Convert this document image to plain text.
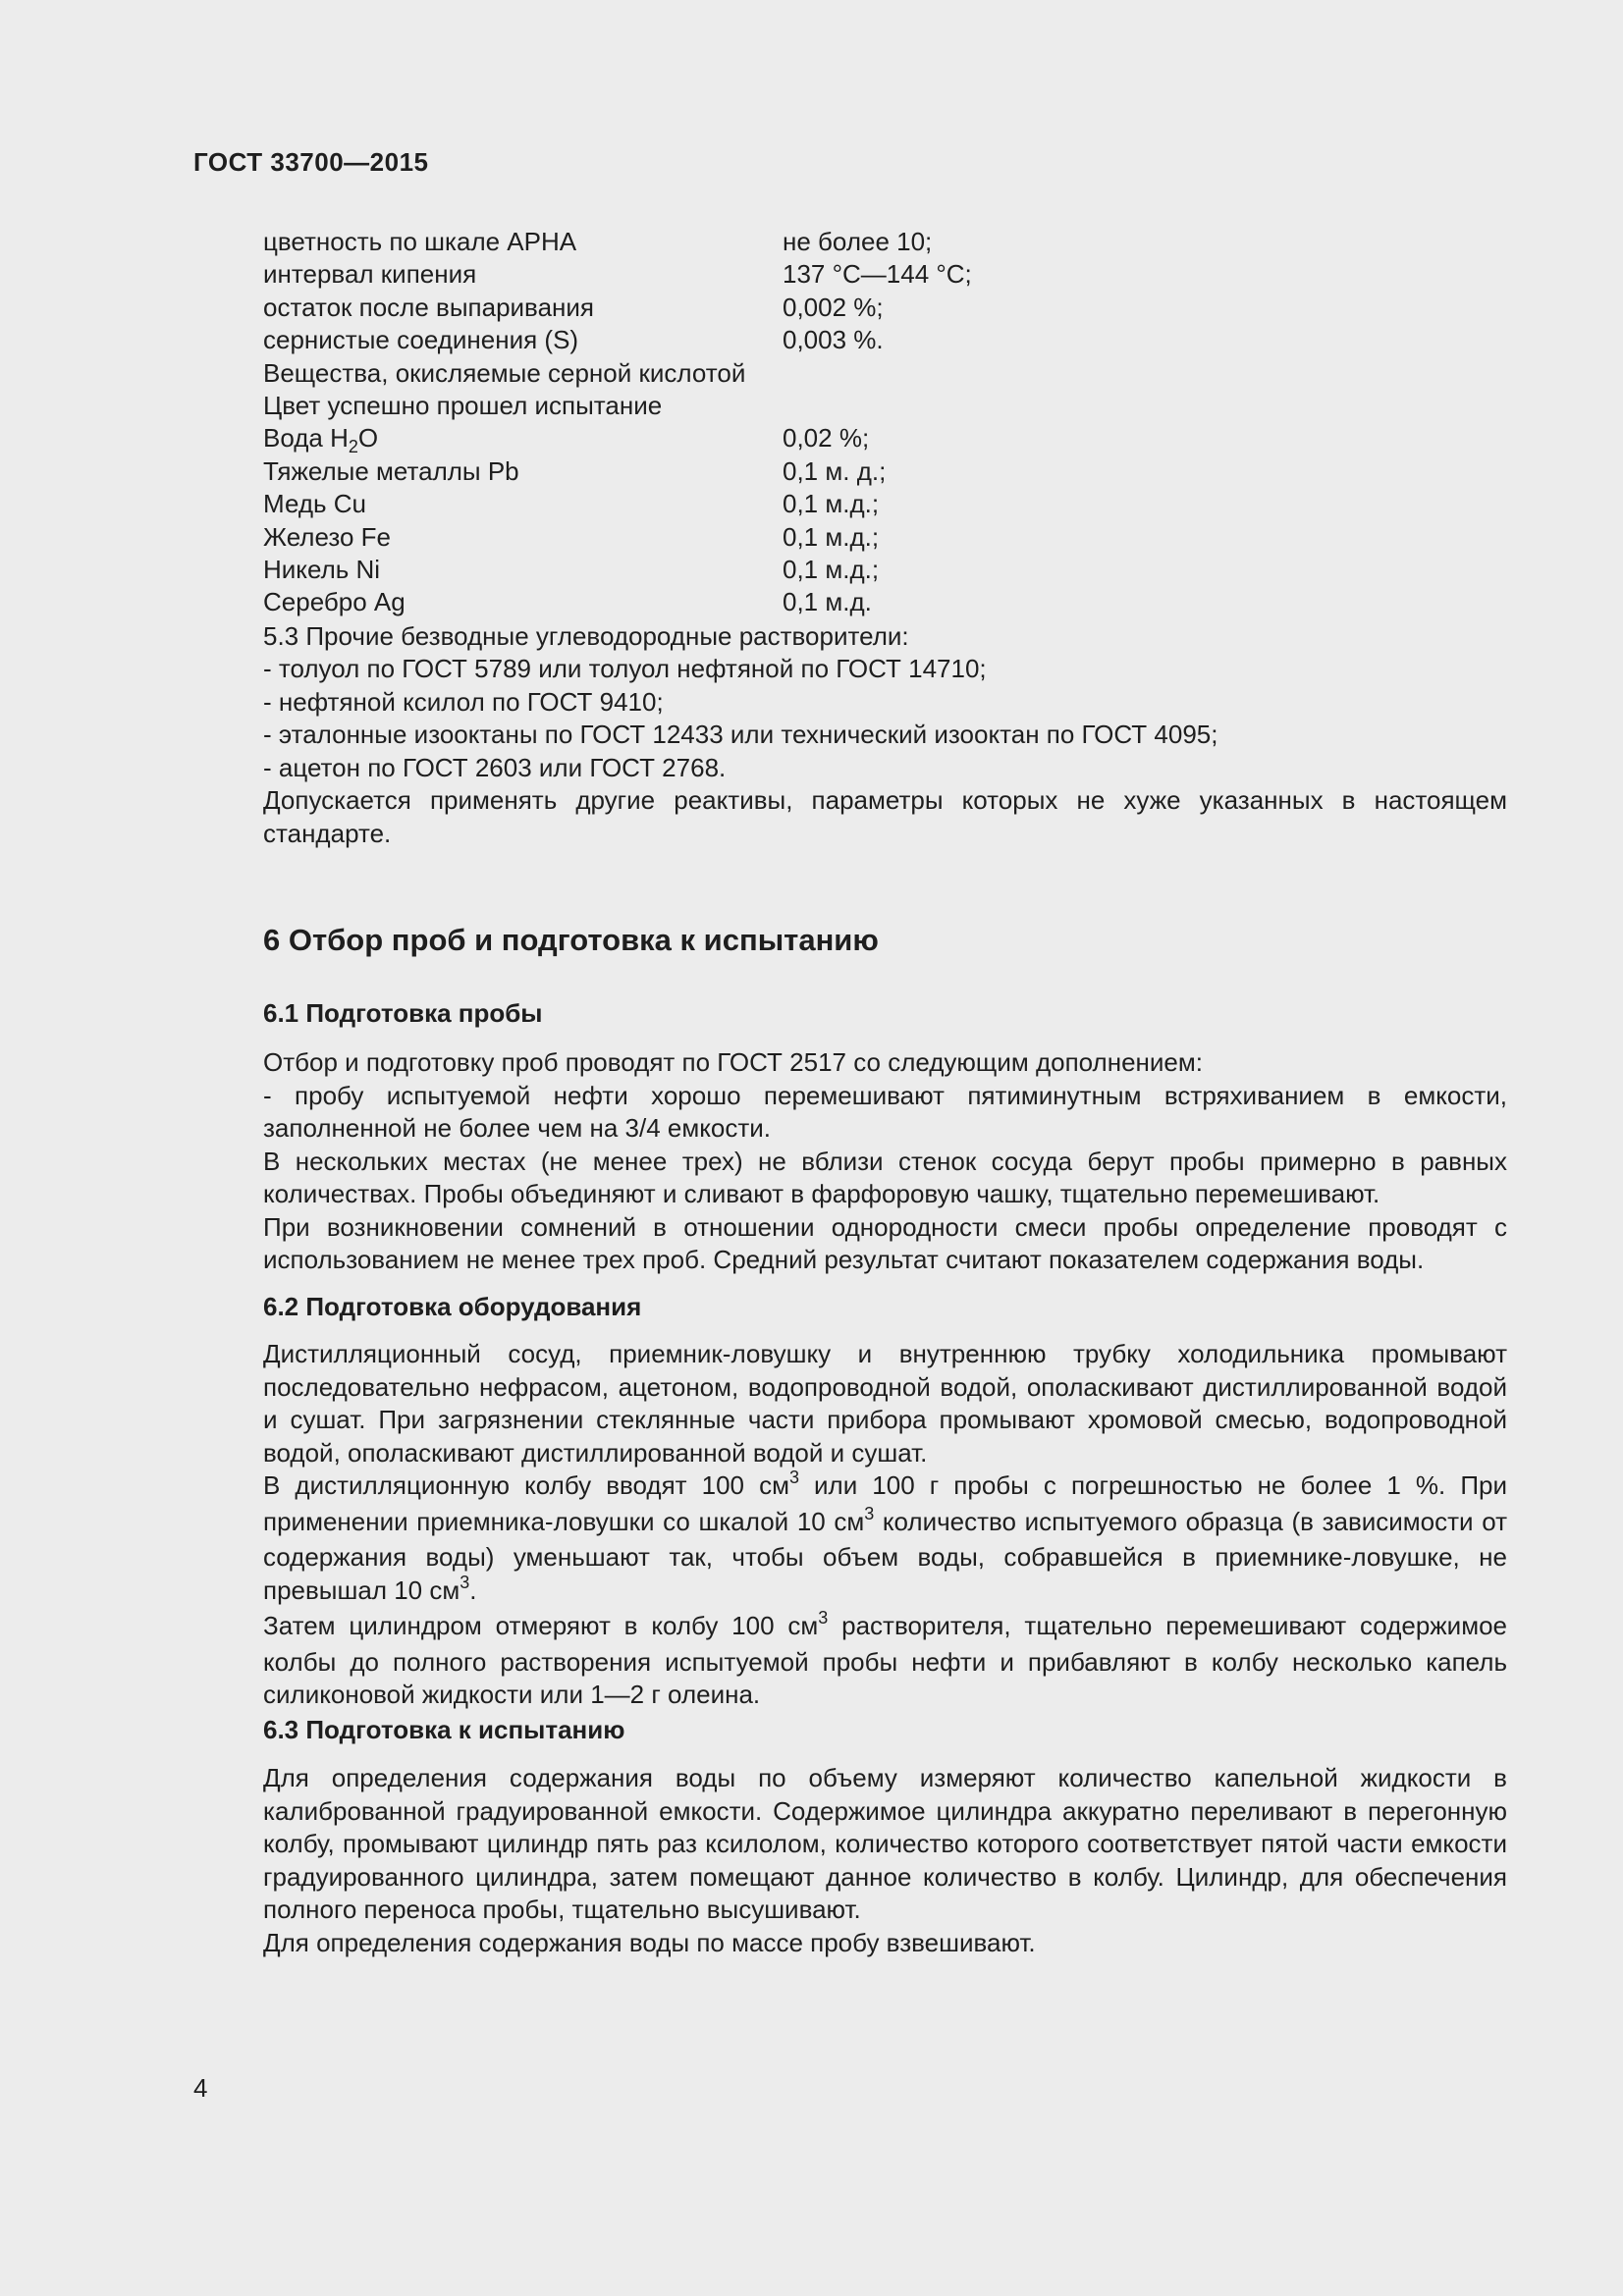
ГОСТ 33700—2015
цветность по шкале APHA	не более 10;
интервал кипения	137 °C—144 °C;
остаток после выпаривания	0,002 %;
сернистые соединения (S)	0,003 %.
Вещества, окисляемые серной кислотой
Цвет успешно прошел испытание
Вода $H_2O$	0,02 %;
Тяжелые металлы Pb	0,1 м. д.;
Медь Cu	0,1 м.д.;
Железо Fe	0,1 м.д.;
Никель Ni	0,1 м.д.;
Серебро Ag	0,1 м.д.
5.3 Прочие безводные углеводородные растворители:
- толуол по ГОСТ 5789 или толуол нефтяной по ГОСТ 14710;
- нефтяной ксилол по ГОСТ 9410;
- эталонные изооктаны по ГОСТ 12433 или технический изооктан по ГОСТ 4095;
- ацетон по ГОСТ 2603 или ГОСТ 2768.
Допускается применять другие реактивы, параметры которых не хуже указанных в настоящем стандарте.
6 Отбор проб и подготовка к испытанию
6.1 Подготовка пробы
Отбор и подготовку проб проводят по ГОСТ 2517 со следующим дополнением:
- пробу испытуемой нефти хорошо перемешивают пятиминутным встряхиванием в емкости, заполненной не более чем на 3/4 емкости.
В нескольких местах (не менее трех) не вблизи стенок сосуда берут пробы примерно в равных количествах. Пробы объединяют и сливают в фарфоровую чашку, тщательно перемешивают.
При возникновении сомнений в отношении однородности смеси пробы определение проводят с использованием не менее трех проб. Средний результат считают показателем содержания воды.
6.2 Подготовка оборудования
Дистилляционный сосуд, приемник-ловушку и внутреннюю трубку холодильника промывают последовательно нефрасом, ацетоном, водопроводной водой, ополаскивают дистиллированной водой и сушат. При загрязнении стеклянные части прибора промывают хромовой смесью, водопроводной водой, ополаскивают дистиллированной водой и сушат.
В дистилляционную колбу вводят 100 $см^3$ или 100 г пробы с погрешностью не более 1 %. При применении приемника-ловушки со шкалой 10 $см^3$ количество испытуемого образца (в зависимости от содержания воды) уменьшают так, чтобы объем воды, собравшейся в приемнике-ловушке, не превышал 10 $см^3$.
Затем цилиндром отмеряют в колбу 100 $см^3$ растворителя, тщательно перемешивают содержимое колбы до полного растворения испытуемой пробы нефти и прибавляют в колбу несколько капель силиконовой жидкости или 1—2 г олеина.
6.3 Подготовка к испытанию
Для определения содержания воды по объему измеряют количество капельной жидкости в калиброванной градуированной емкости. Содержимое цилиндра аккуратно переливают в перегонную колбу, промывают цилиндр пять раз ксилолом, количество которого соответствует пятой части емкости градуированного цилиндра, затем помещают данное количество в колбу. Цилиндр, для обеспечения полного переноса пробы, тщательно высушивают.
Для определения содержания воды по массе пробу взвешивают.
4
